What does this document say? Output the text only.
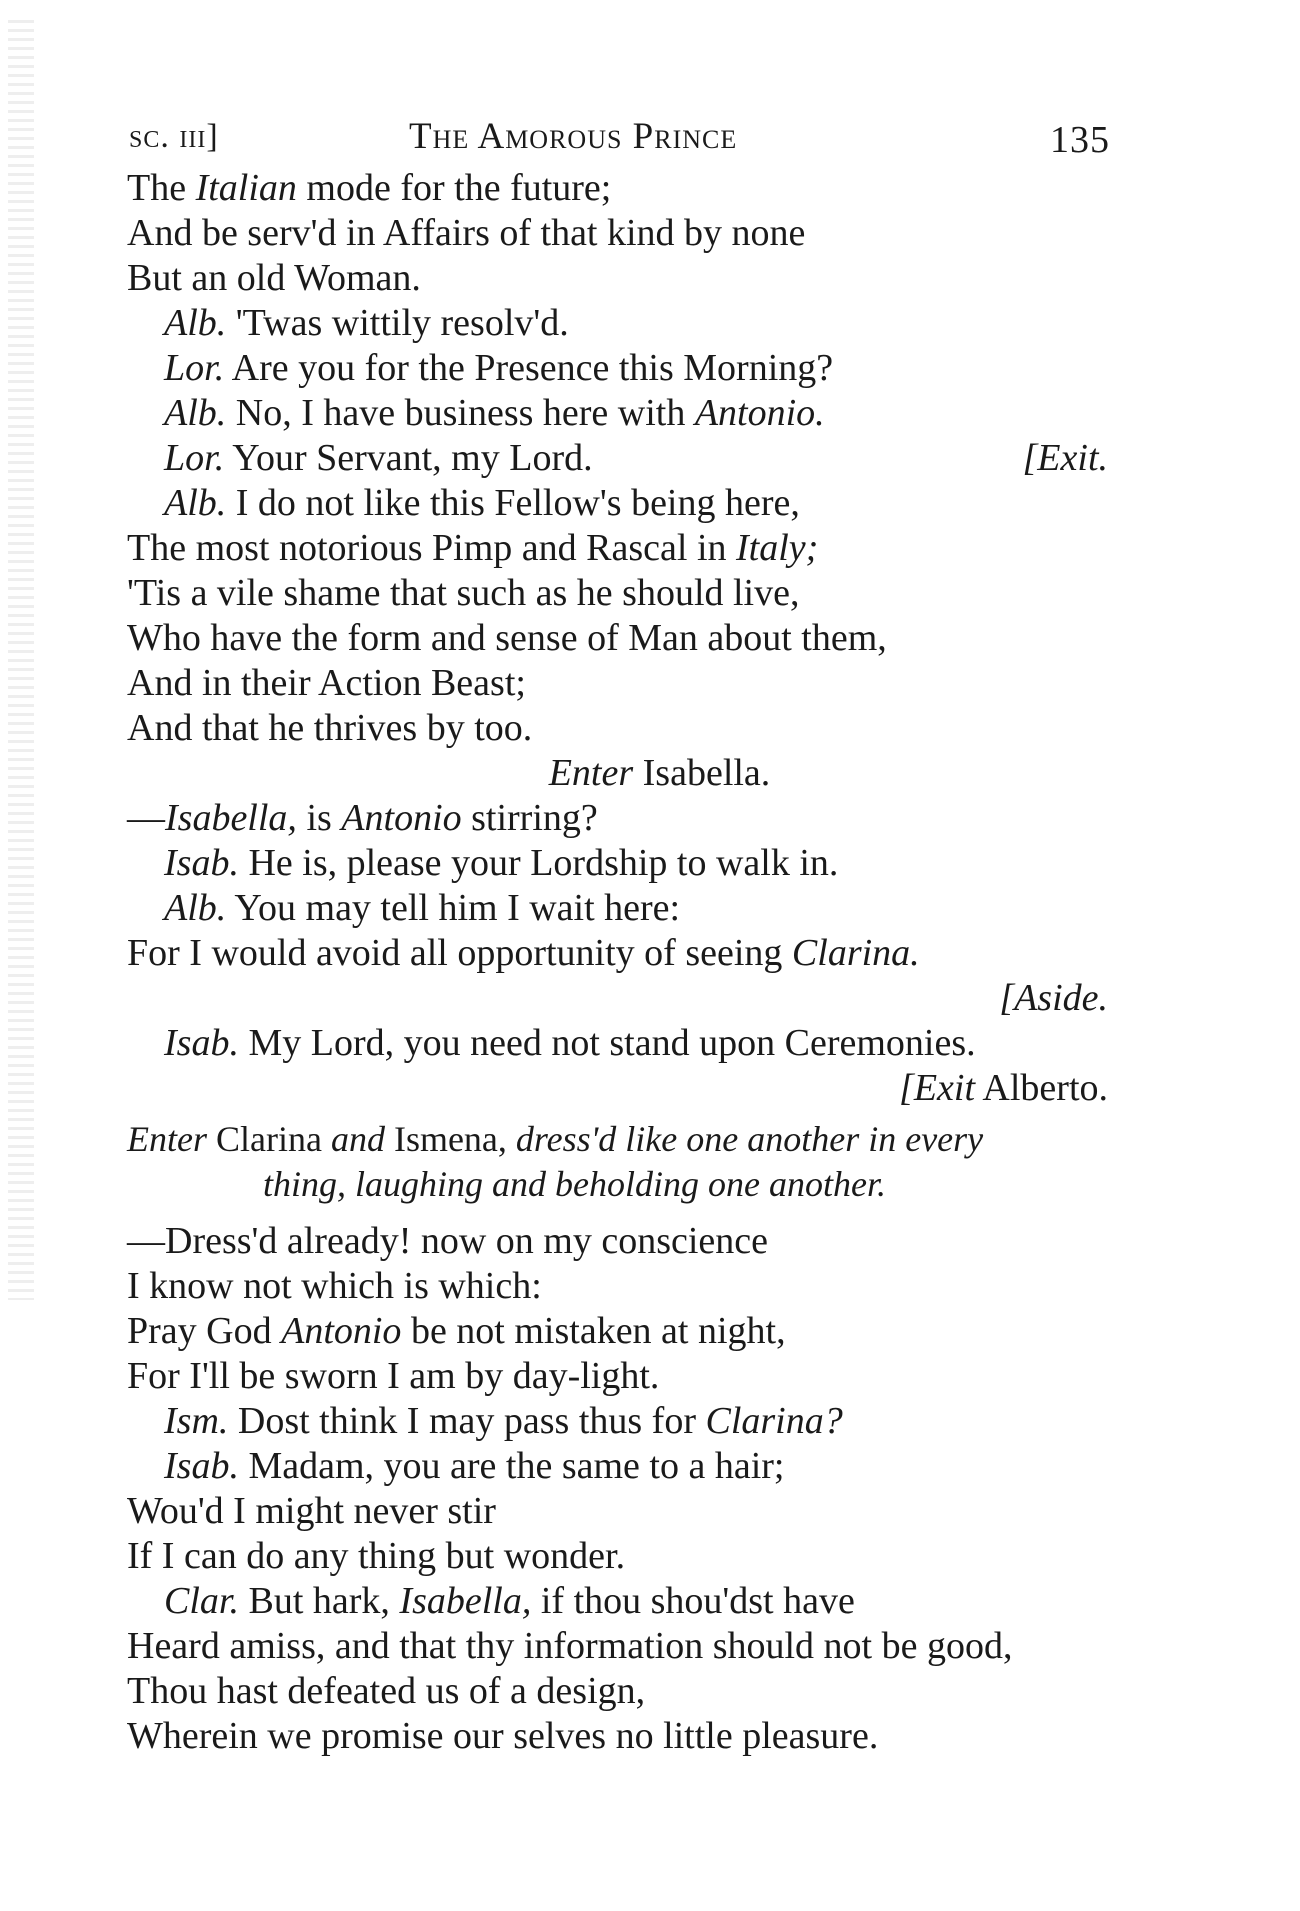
sc. iii]	The Amorous Prince	135
The Italian mode for the future;
And be serv'd in Affairs of that kind by none
But an old Woman.
Alb. 'Twas wittily resolv'd.
Lor. Are you for the Presence this Morning?
Alb. No, I have business here with Antonio.
Lor. Your Servant, my Lord.	[Exit.
Alb. I do not like this Fellow's being here,
The most notorious Pimp and Rascal in Italy;
'Tis a vile shame that such as he should live,
Who have the form and sense of Man about them,
And in their Action Beast;
And that he thrives by too.
Enter Isabella.
—Isabella, is Antonio stirring?
Isab. He is, please your Lordship to walk in.
Alb. You may tell him I wait here:
For I would avoid all opportunity of seeing Clarina.
[Aside.
Isab. My Lord, you need not stand upon Ceremonies.
[Exit Alberto.
Enter Clarina and Ismena, dress'd like one another in every
thing, laughing and beholding one another.
—Dress'd already! now on my conscience
I know not which is which:
Pray God Antonio be not mistaken at night,
For I'll be sworn I am by day-light.
Ism. Dost think I may pass thus for Clarina?
Isab. Madam, you are the same to a hair;
Wou'd I might never stir
If I can do any thing but wonder.
Clar. But hark, Isabella, if thou shou'dst have
Heard amiss, and that thy information should not be good,
Thou hast defeated us of a design,
Wherein we promise our selves no little pleasure.
